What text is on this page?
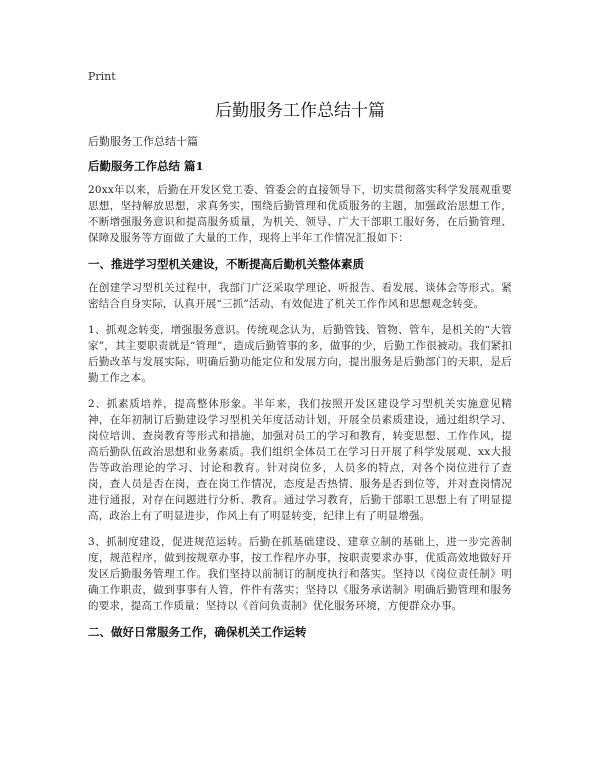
Print
后勤服务工作总结十篇

后勤服务工作总结十篇

后勤服务工作总结 篇1

20xx年以来，后勤在开发区党工委、管委会的直接领导下，切实贯彻落实科学发展观重要思想，坚持解放思想，求真务实，围绕后勤管理和优质服务的主题，加强政治思想工作，不断增强服务意识和提高服务质量，为机关、领导、广大干部职工服好务，在后勤管理、保障及服务等方面做了大量的工作，现将上半年工作情况汇报如下：

一、推进学习型机关建设，不断提高后勤机关整体素质

在创建学习型机关过程中，我部门广泛采取学理论、听报告、看发展、谈体会等形式。紧密结合自身实际，认真开展“三抓”活动，有效促进了机关工作作风和思想观念转变。

1、抓观念转变，增强服务意识。传统观念认为，后勤管钱、管物、管车，是机关的“大管家”，其主要职责就是“管理”，造成后勤管事的多，做事的少，后勤工作很被动。我们紧扣后勤改革与发展实际，明确后勤功能定位和发展方向，提出服务是后勤部门的天职，是后勤工作之本。

2、抓素质培养，提高整体形象。半年来，我们按照开发区建设学习型机关实施意见精神，在年初制订后勤建设学习型机关年度活动计划，开展全员素质建设，通过组织学习、岗位培训、查岗教育等形式和措施，加强对员工的学习和教育，转变思想、工作作风，提高后勤队伍政治思想和业务素质。我们组织全体员工在学习日开展了科学发展观、xx大报告等政治理论的学习、讨论和教育。针对岗位多，人员多的特点，对各个岗位进行了查岗，查人员是否在岗，查在岗工作情况，态度是否热情、服务是否到位等，并对查岗情况进行通报，对存在问题进行分析、教育。通过学习教育，后勤干部职工思想上有了明显提高，政治上有了明显进步，作风上有了明显转变，纪律上有了明显增强。

3、抓制度建设，促进规范运转。后勤在抓基础建设、建章立制的基础上，进一步完善制度，规范程序，做到按规章办事，按工作程序办事，按职责要求办事，优质高效地做好开发区后勤服务管理工作。我们坚持以前制订的制度执行和落实。坚持以《岗位责任制》明确工作职责，做到事事有人管，件件有落实；坚持以《服务承诺制》明确后勤管理和服务的要求，提高工作质量；坚持以《首问负责制》优化服务环境，方便群众办事。

二、做好日常服务工作，确保机关工作运转
